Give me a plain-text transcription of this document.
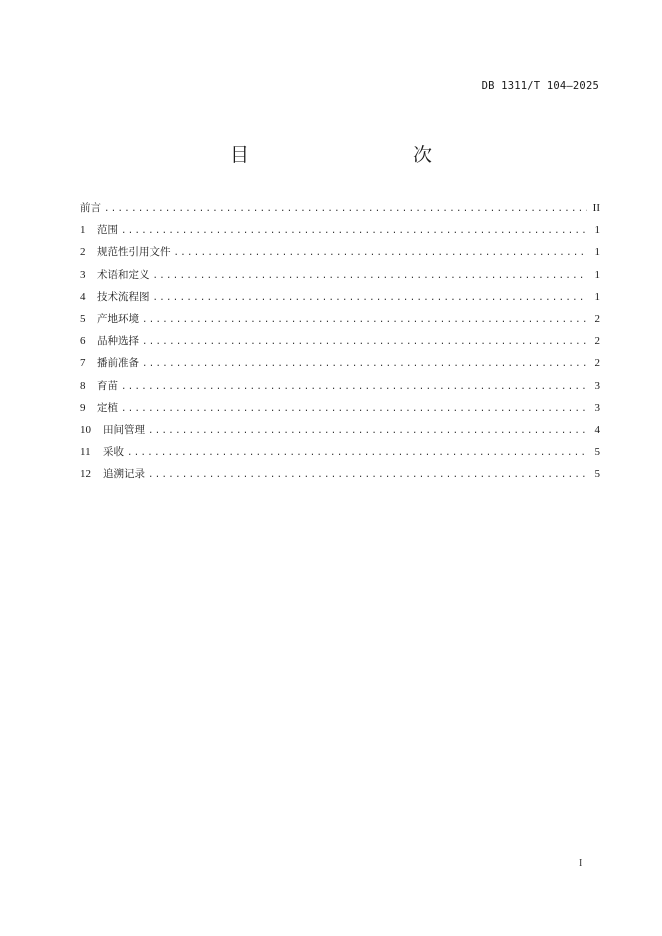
DB 1311/T 104—2025
目　　次
前言 .....	II
1	范围 .....	1
2	规范性引用文件 .....	1
3	术语和定义 .....	1
4	技术流程图 .....	1
5	产地环境 .....	2
6	品种选择 .....	2
7	播前准备 .....	2
8	育苗 .....	3
9	定植 .....	3
10	田间管理 .....	4
11	采收 .....	5
12	追溯记录 .....	5
I
